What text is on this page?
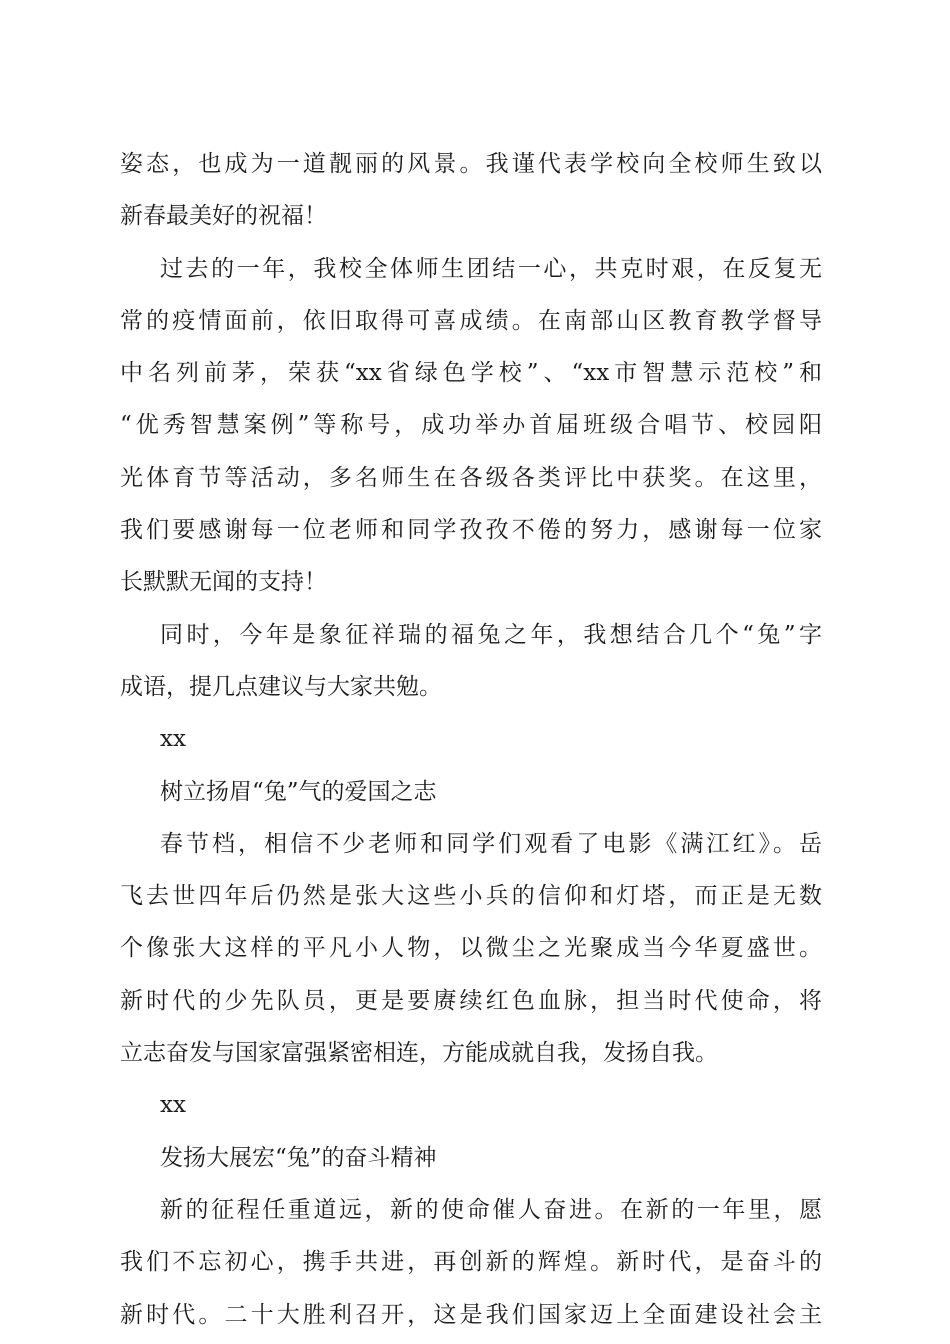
姿态，也成为一道靓丽的风景。我谨代表学校向全校师生致以
新春最美好的祝福！
过去的一年，我校全体师生团结一心，共克时艰，在反复无
常的疫情面前，依旧取得可喜成绩。在南部山区教育教学督导
中名列前茅，荣获“xx省绿色学校”、“xx市智慧示范校”和
“优秀智慧案例”等称号，成功举办首届班级合唱节、校园阳
光体育节等活动，多名师生在各级各类评比中获奖。在这里，
我们要感谢每一位老师和同学孜孜不倦的努力，感谢每一位家
长默默无闻的支持！
同时，今年是象征祥瑞的福兔之年，我想结合几个“兔”字
成语，提几点建议与大家共勉。
xx
树立扬眉“兔”气的爱国之志
春节档，相信不少老师和同学们观看了电影《满江红》。岳
飞去世四年后仍然是张大这些小兵的信仰和灯塔，而正是无数
个像张大这样的平凡小人物，以微尘之光聚成当今华夏盛世。
新时代的少先队员，更是要赓续红色血脉，担当时代使命，将
立志奋发与国家富强紧密相连，方能成就自我，发扬自我。
xx
发扬大展宏“兔”的奋斗精神
新的征程任重道远，新的使命催人奋进。在新的一年里，愿
我们不忘初心，携手共进，再创新的辉煌。新时代，是奋斗的
新时代。二十大胜利召开，这是我们国家迈上全面建设社会主
